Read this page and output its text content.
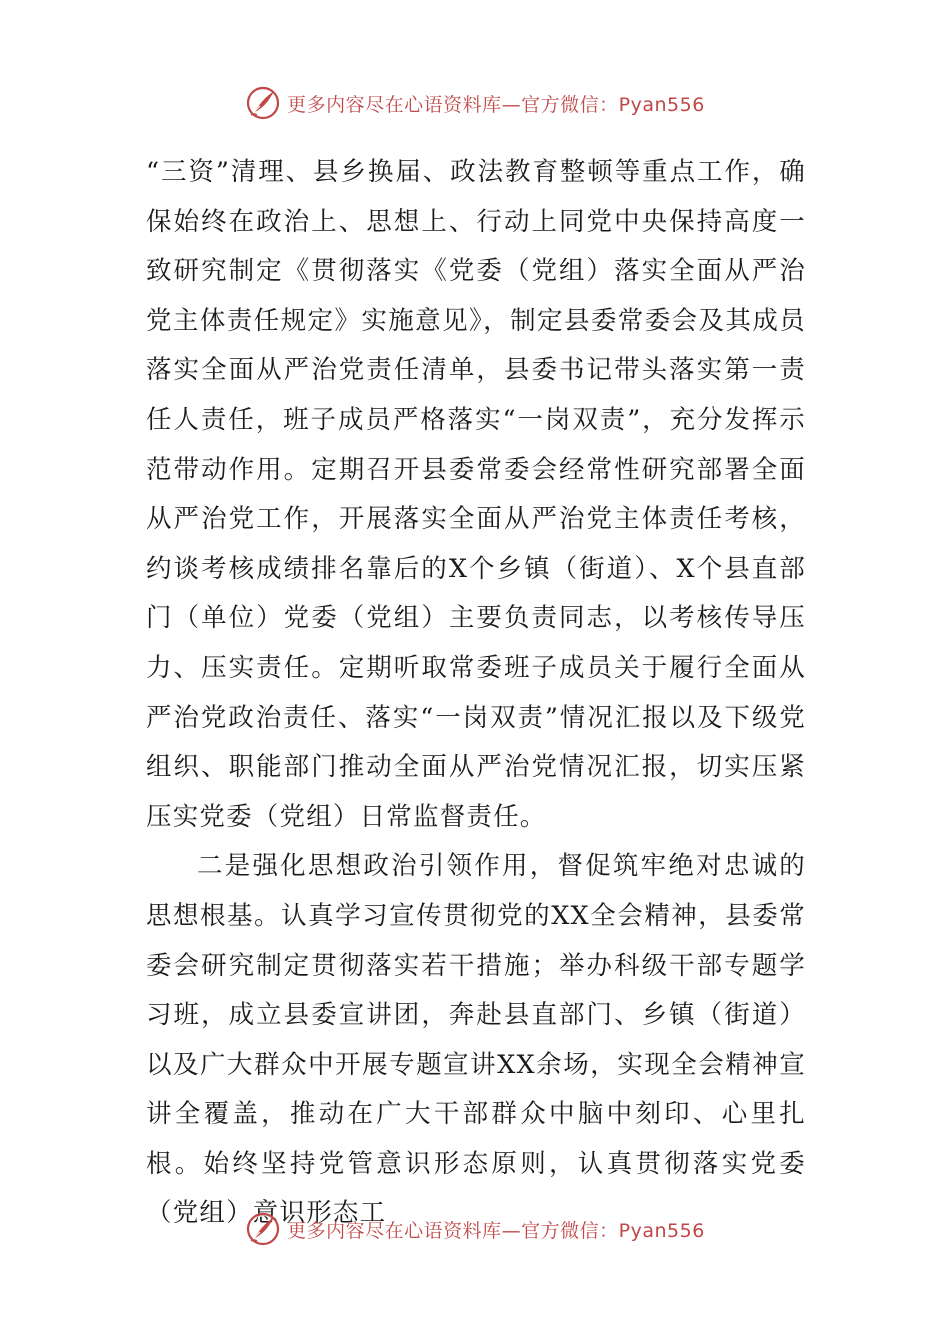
更多内容尽在心语资料库—官方微信：Pyan556

“三资”清理、县乡换届、政法教育整顿等重点工作，确保始终在政治上、思想上、行动上同党中央保持高度一致研究制定《贯彻落实《党委（党组）落实全面从严治党主体责任规定》实施意见》，制定县委常委会及其成员落实全面从严治党责任清单，县委书记带头落实第一责任人责任，班子成员严格落实“一岗双责”，充分发挥示范带动作用。定期召开县委常委会经常性研究部署全面从严治党工作，开展落实全面从严治党主体责任考核，约谈考核成绩排名靠后的X个乡镇（街道）、X个县直部门（单位）党委（党组）主要负责同志，以考核传导压力、压实责任。定期听取常委班子成员关于履行全面从严治党政治责任、落实“一岗双责”情况汇报以及下级党组织、职能部门推动全面从严治党情况汇报，切实压紧压实党委（党组）日常监督责任。

二是强化思想政治引领作用，督促筑牢绝对忠诚的思想根基。认真学习宣传贯彻党的XX全会精神，县委常委会研究制定贯彻落实若干措施；举办科级干部专题学习班，成立县委宣讲团，奔赴县直部门、乡镇（街道）以及广大群众中开展专题宣讲XX余场，实现全会精神宣讲全覆盖，推动在广大干部群众中脑中刻印、心里扎根。始终坚持党管意识形态原则，认真贯彻落实党委（党组）意识形态工

更多内容尽在心语资料库—官方微信：Pyan556
